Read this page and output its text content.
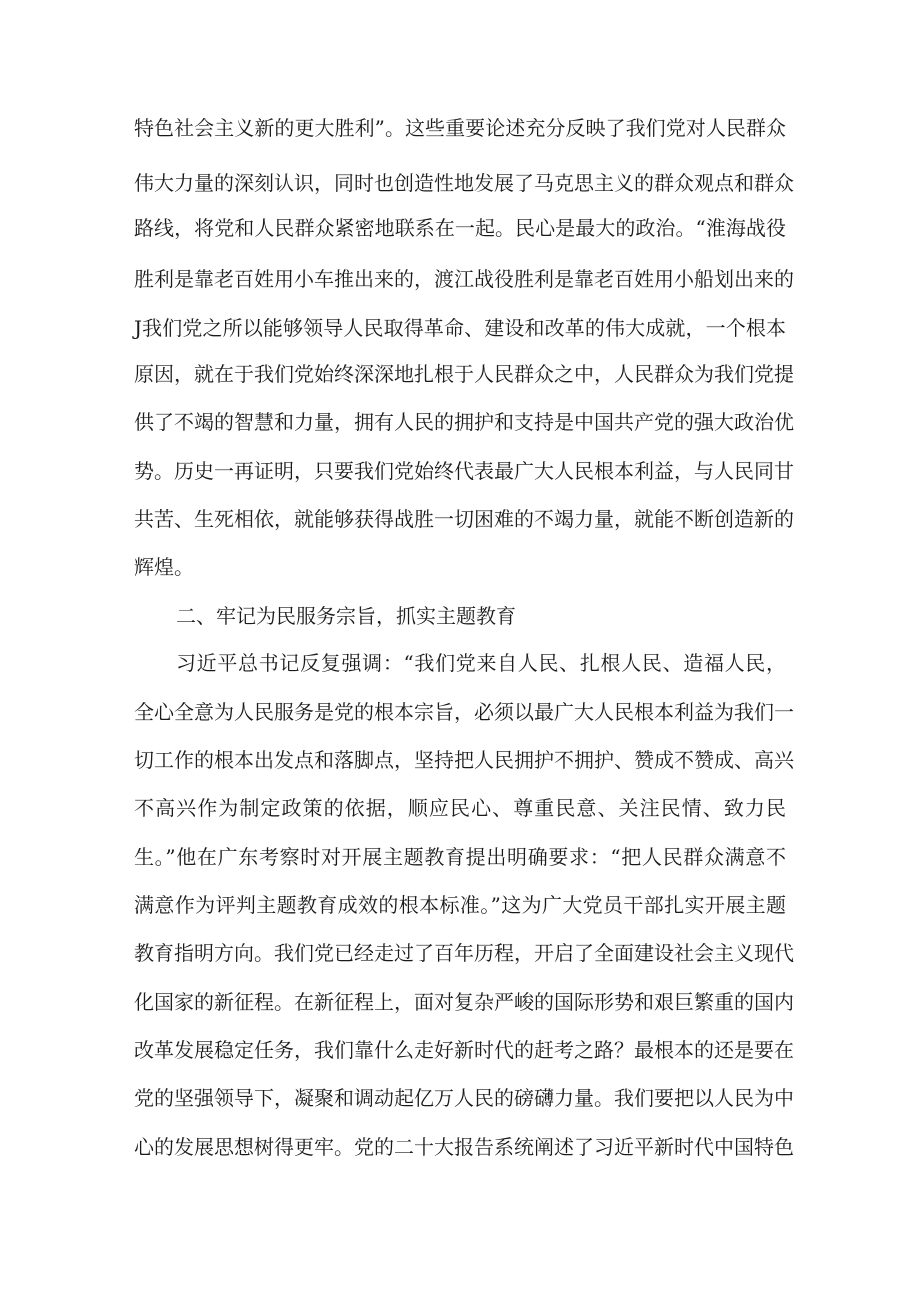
特色社会主义新的更大胜利”。这些重要论述充分反映了我们党对人民群众
伟大力量的深刻认识，同时也创造性地发展了马克思主义的群众观点和群众
路线，将党和人民群众紧密地联系在一起。民心是最大的政治。“淮海战役
胜利是靠老百姓用小车推出来的，渡江战役胜利是靠老百姓用小船划出来的
J我们党之所以能够领导人民取得革命、建设和改革的伟大成就，一个根本
原因，就在于我们党始终深深地扎根于人民群众之中，人民群众为我们党提
供了不竭的智慧和力量，拥有人民的拥护和支持是中国共产党的强大政治优
势。历史一再证明，只要我们党始终代表最广大人民根本利益，与人民同甘
共苦、生死相依，就能够获得战胜一切困难的不竭力量，就能不断创造新的
辉煌。
二、牢记为民服务宗旨，抓实主题教育
习近平总书记反复强调：“我们党来自人民、扎根人民、造福人民，
全心全意为人民服务是党的根本宗旨，必须以最广大人民根本利益为我们一
切工作的根本出发点和落脚点，坚持把人民拥护不拥护、赞成不赞成、高兴
不高兴作为制定政策的依据，顺应民心、尊重民意、关注民情、致力民
生。”他在广东考察时对开展主题教育提出明确要求：“把人民群众满意不
满意作为评判主题教育成效的根本标准。”这为广大党员干部扎实开展主题
教育指明方向。我们党已经走过了百年历程，开启了全面建设社会主义现代
化国家的新征程。在新征程上，面对复杂严峻的国际形势和艰巨繁重的国内
改革发展稳定任务，我们靠什么走好新时代的赶考之路？最根本的还是要在
党的坚强领导下，凝聚和调动起亿万人民的磅礴力量。我们要把以人民为中
心的发展思想树得更牢。党的二十大报告系统阐述了习近平新时代中国特色
